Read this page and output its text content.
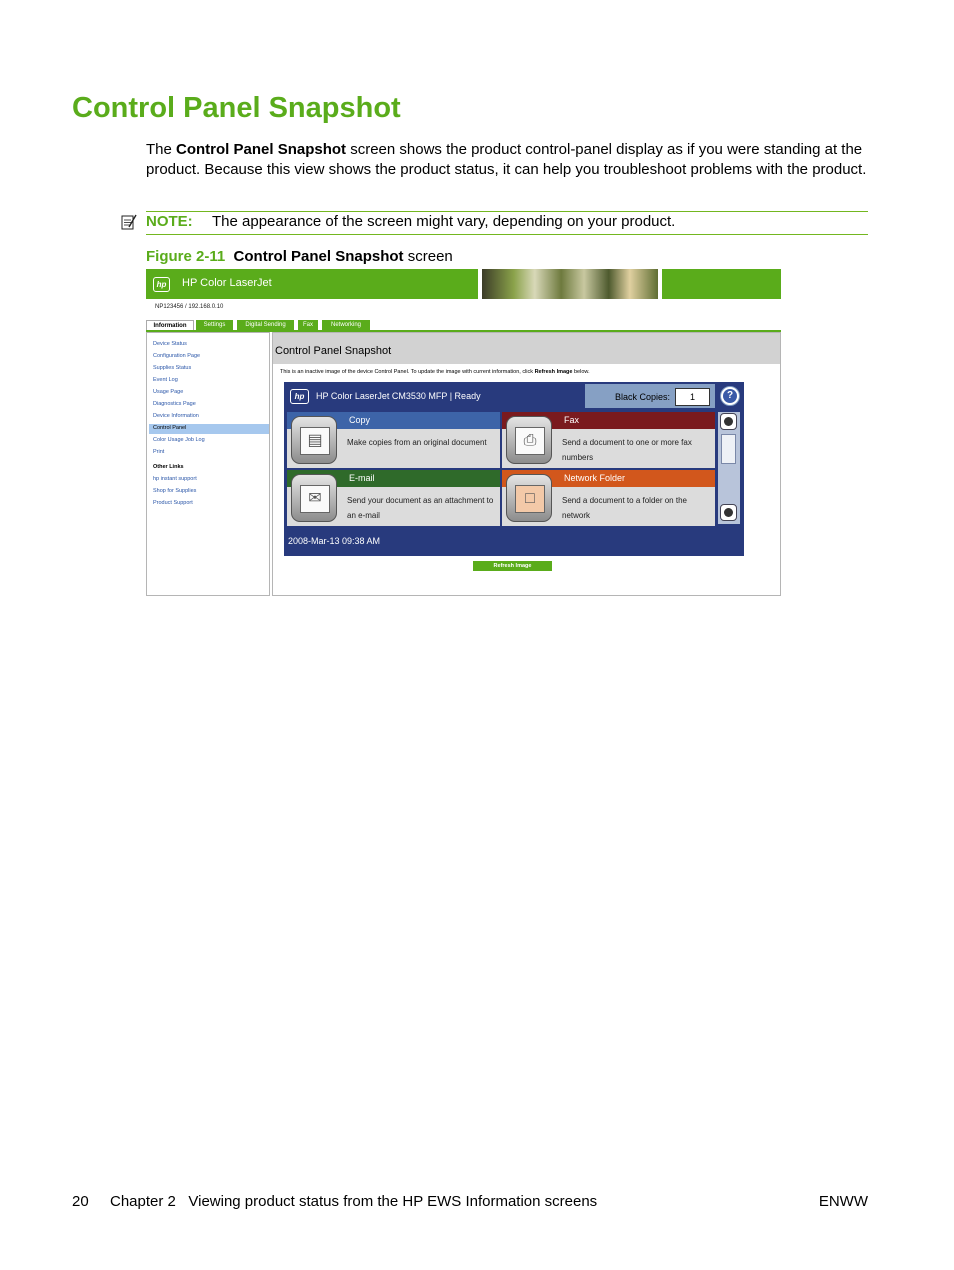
Control Panel Snapshot

The Control Panel Snapshot screen shows the product control-panel display as if you were standing at the product. Because this view shows the product status, it can help you troubleshoot problems with the product.

NOTE: The appearance of the screen might vary, depending on your product.
Figure 2-11 Control Panel Snapshot screen
hp	HP Color LaserJet
NP123456 / 192.168.0.10
Information	Settings	Digital Sending	Fax	Networking
Device Status
Configuration Page
Supplies Status
Event Log
Usage Page
Diagnostics Page
Device Information
Control Panel
Color Usage Job Log
Print
Other Links
hp instant support
Shop for Supplies
Product Support
Control Panel Snapshot
This is an inactive image of the device Control Panel. To update the image with current information, click Refresh Image below.
hp	HP Color LaserJet CM3530 MFP | Ready	Black Copies:	1
?
Copy
▤	Make copies from an original document
Fax
⎙	Send a document to one or more fax numbers
E-mail
✉	Send your document as an attachment to an e-mail
Network Folder
□	Send a document to a folder on the network
2008-Mar-13 09:38 AM
Refresh Image
20 Chapter 2   Viewing product status from the HP EWS Information screens	ENWW
